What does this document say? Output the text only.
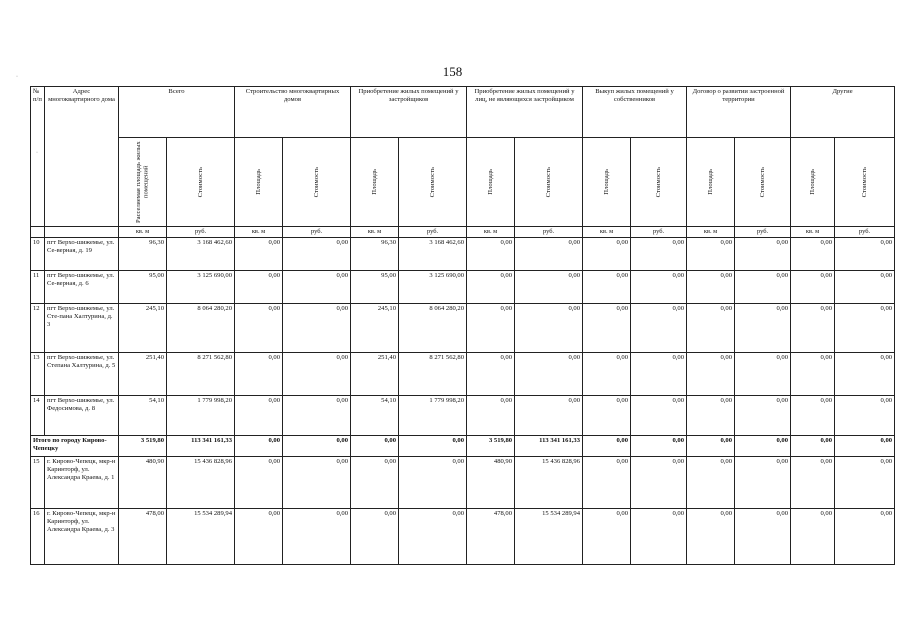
158
№
п/п	Адрес многоквартирного дома	Всего		Строительство многоквартирных домов		Приобретение жилых помещений у застройщиков		Приобретение жилых помещений у лиц, не являющихся застройщиком		Выкуп жилых помещений у собственников		Договор о развитии застроенной территории		Другие	

		Расселяемая площадь жилых помещений	Стоимость	Площадь	Стоимость	Площадь	Стоимость	Площадь	Стоимость	Площадь	Стоимость	Площадь	Стоимость	Площадь	Стоимость

		кв. м	руб.	кв. м	руб.	кв. м	руб.	кв. м	руб.	кв. м	руб.	кв. м	руб.	кв. м	руб.
10	пгт Верхо-шижемье, ул. Се-верная, д. 19	96,30	3 168 462,60	0,00	0,00	96,30	3 168 462,60	0,00	0,00	0,00	0,00	0,00	0,00	0,00	0,00
11	пгт Верхо-шижемье, ул. Се-верная, д. 6	95,00	3 125 690,00	0,00	0,00	95,00	3 125 690,00	0,00	0,00	0,00	0,00	0,00	0,00	0,00	0,00
12	пгт Верхо-шижемье, ул. Сте-пана Халтурина, д. 3	245,10	8 064 280,20	0,00	0,00	245,10	8 064 280,20	0,00	0,00	0,00	0,00	0,00	0,00	0,00	0,00
13	пгт Верхо-шижемье, ул. Степана Халтурина, д. 5	251,40	8 271 562,80	0,00	0,00	251,40	8 271 562,80	0,00	0,00	0,00	0,00	0,00	0,00	0,00	0,00
14	пгт Верхо-шижемье, ул. Федосимова, д. 8	54,10	1 779 998,20	0,00	0,00	54,10	1 779 998,20	0,00	0,00	0,00	0,00	0,00	0,00	0,00	0,00
Итого по городу Кирово-Чепецку		3 519,80	113 341 161,33	0,00	0,00	0,00	0,00	3 519,80	113 341 161,33	0,00	0,00	0,00	0,00	0,00	0,00
15	г. Кирово-Чепецк, мкр-н Каринторф, ул. Александра Краева, д. 1	480,90	15 436 828,96	0,00	0,00	0,00	0,00	480,90	15 436 828,96	0,00	0,00	0,00	0,00	0,00	0,00
16	г. Кирово-Чепецк, мкр-н Каринторф, ул. Александра Краева, д. 3	478,00	15 534 289,94	0,00	0,00	0,00	0,00	478,00	15 534 289,94	0,00	0,00	0,00	0,00	0,00	0,00
·
·
